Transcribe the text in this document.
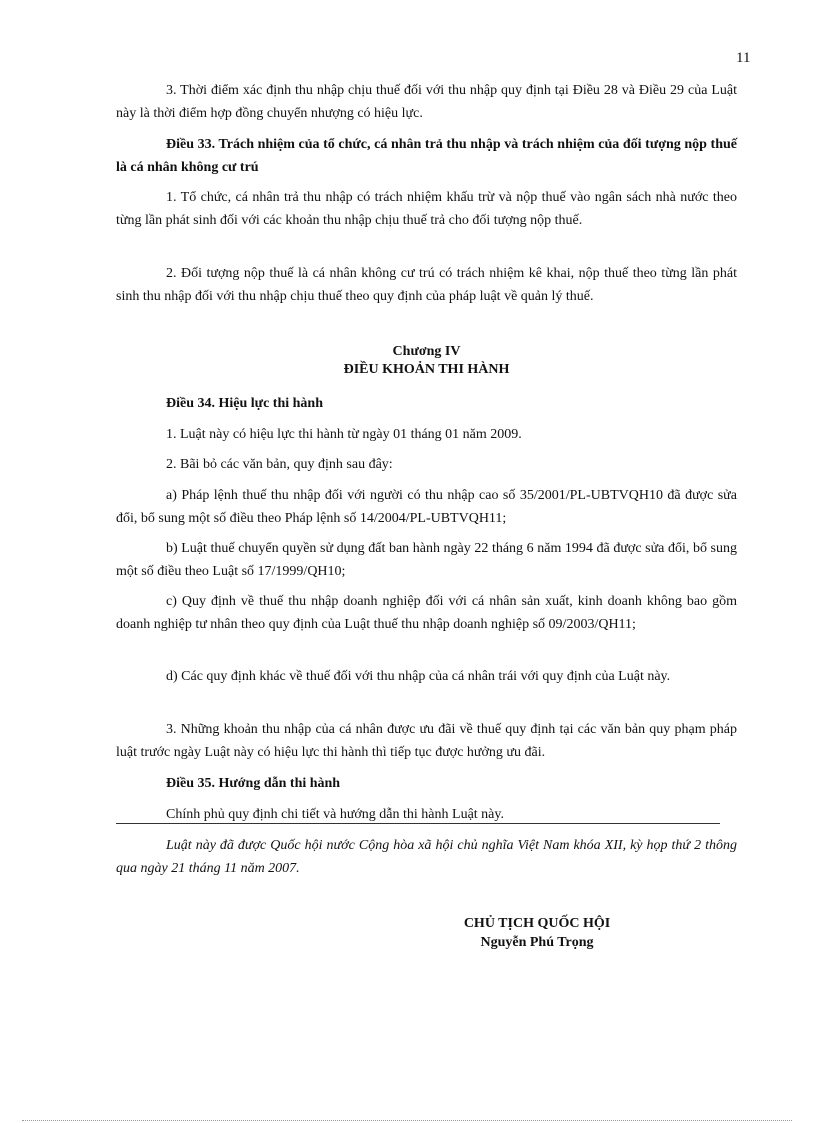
11

3. Thời điểm xác định thu nhập chịu thuế đối với thu nhập quy định tại Điều 28 và Điều 29 của Luật này là thời điểm hợp đồng chuyển nhượng có hiệu lực.

Điều 33. Trách nhiệm của tổ chức, cá nhân trả thu nhập và trách nhiệm của đối tượng nộp thuế là cá nhân không cư trú

1. Tổ chức, cá nhân trả thu nhập có trách nhiệm khấu trừ và nộp thuế vào ngân sách nhà nước theo từng lần phát sinh đối với các khoản thu nhập chịu thuế trả cho đối tượng nộp thuế.

2. Đối tượng nộp thuế là cá nhân không cư trú có trách nhiệm kê khai, nộp thuế theo từng lần phát sinh thu nhập đối với thu nhập chịu thuế theo quy định của pháp luật về quản lý thuế.

Chương IV
ĐIỀU KHOẢN THI HÀNH

Điều 34. Hiệu lực thi hành

1. Luật này có hiệu lực thi hành từ ngày 01 tháng 01 năm 2009.

2. Bãi bỏ các văn bản, quy định sau đây:

a) Pháp lệnh thuế thu nhập đối với người có thu nhập cao số 35/2001/PL-UBTVQH10 đã được sửa đổi, bổ sung một số điều theo Pháp lệnh số 14/2004/PL-UBTVQH11;

b) Luật thuế chuyển quyền sử dụng đất ban hành ngày 22 tháng 6 năm 1994 đã được sửa đổi, bổ sung một số điều theo Luật số 17/1999/QH10;

c) Quy định về thuế thu nhập doanh nghiệp đối với cá nhân sản xuất, kinh doanh không bao gồm doanh nghiệp tư nhân theo quy định của Luật thuế thu nhập doanh nghiệp số 09/2003/QH11;

d) Các quy định khác về thuế đối với thu nhập của cá nhân trái với quy định của Luật này.

3. Những khoản thu nhập của cá nhân được ưu đãi về thuế quy định tại các văn bản quy phạm pháp luật trước ngày Luật này có hiệu lực thi hành thì tiếp tục được hưởng ưu đãi.

Điều 35. Hướng dẫn thi hành

Chính phủ quy định chi tiết và hướng dẫn thi hành Luật này.

Luật này đã được Quốc hội nước Cộng hòa xã hội chủ nghĩa Việt Nam khóa XII, kỳ họp thứ 2 thông qua ngày 21 tháng 11 năm 2007.

CHỦ TỊCH QUỐC HỘI
Nguyễn Phú Trọng
